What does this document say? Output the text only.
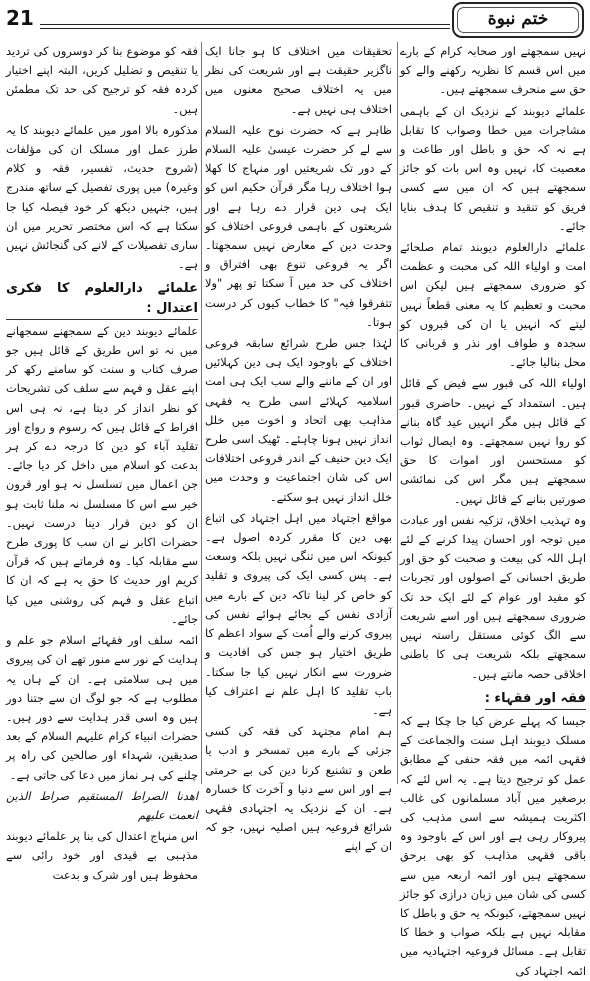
21	ختم نبوة

نہیں سمجھتے اور صحابہ کرام کے بارے میں اس قسم کا نظریہ رکھنے والے کو حق سے منحرف سمجھتے ہیں۔

علمائے دیوبند کے نزدیک ان کے باہمی مشاجرات میں خطا وصواب کا تقابل ہے نہ کہ حق و باطل اور طاعت و معصیت کا، نہیں وہ اس بات کو جائز سمجھتے ہیں کہ ان میں سے کسی فریق کو تنقید و تنقیص کا ہدف بنایا جائے۔

علمائے دارالعلوم دیوبند تمام صلحائے امت و اولیاء اللہ کی محبت و عظمت کو ضروری سمجھتے ہیں لیکن اس محبت و تعظیم کا یہ معنی قطعاً نہیں لیتے کہ انہیں یا ان کی قبروں کو سجدہ و طواف اور نذر و قربانی کا محل بنالیا جائے۔

اولیاء اللہ کی قبور سے فیض کے قائل ہیں۔ استمداد کے نہیں۔ حاضری قبور کے قائل ہیں مگر انہیں عید گاہ بنانے کو روا نہیں سمجھتے۔ وہ ایصال ثواب کو مستحسن اور اموات کا حق سمجھتے ہیں مگر اس کی نمائشی صورتیں بنانے کے قائل نہیں۔

وہ تہذیب اخلاق، تزکیہ نفس اور عبادت میں توجہ اور احسان پیدا کرنے کے لئے اہل اللہ کی بیعت و صحبت کو حق اور طریق احسانی کے اصولوں اور تجربات کو مفید اور عوام کے لئے ایک حد تک ضروری سمجھتے ہیں اور اسے شریعت سے الگ کوئی مستقل راستہ نہیں سمجھتے بلکہ شریعت ہی کا باطنی اخلاقی حصہ مانتے ہیں۔

فقہ اور فقہاء :

جیسا کہ پہلے عرض کیا جا چکا ہے کہ مسلک دیوبند اہل سنت والجماعت کے فقہی ائمہ میں فقہ حنفی کے مطابق عمل کو ترجیح دیتا ہے۔ یہ اس لئے کہ برصغیر میں آباد مسلمانوں کی غالب اکثریت ہمیشہ سے اسی مذہب کی پیروکار رہی ہے اور اس کے باوجود وہ باقی فقہی مذاہب کو بھی برحق سمجھتے ہیں اور ائمہ اربعہ میں سے کسی کی شان میں زبان درازی کو جائز نہیں سمجھتے، کیونکہ یہ حق و باطل کا مقابلہ نہیں ہے بلکہ صواب و خطا کا تقابل ہے۔ مسائل فروعیہ اجتہادیہ میں ائمہ اجتہاد کی

تحقیقات میں اختلاف کا ہو جانا ایک ناگزیر حقیقت ہے اور شریعت کی نظر میں یہ اختلاف صحیح معنوں میں اختلاف ہی نہیں ہے۔

ظاہر ہے کہ حضرت نوح علیہ السلام سے لے کر حضرت عیسیٰ علیہ السلام کے دور تک شریعتیں اور منہاج کا کھلا ہوا اختلاف رہا مگر قرآن حکیم اس کو ایک ہی دین قرار دے رہا ہے اور شریعتوں کے باہمی فروعی اختلاف کو وحدت دین کے معارض نہیں سمجھتا۔ اگر یہ فروعی تنوع بھی افتراق و اختلاف کی حد میں آ سکتا تو پھر "ولا تتفرقوا فیہ" کا خطاب کیوں کر درست ہوتا۔

لہٰذا جس طرح شرائع سابقہ فروعی اختلاف کے باوجود ایک ہی دین کہلائیں اور ان کے ماننے والے سب ایک ہی امت اسلامیہ کہلائے اسی طرح یہ فقہی مذاہب بھی اتحاد و اخوت میں خلل انداز نہیں ہونا چاہئے۔ ٹھیک اسی طرح ایک دین حنیف کے اندر فروعی اختلافات اس کی شان اجتماعیت و وحدت میں خلل انداز نہیں ہو سکتے۔

مواقع اجتہاد میں اہل اجتہاد کی اتباع بھی دین کا مقرر کردہ اصول ہے۔ کیونکہ اس میں تنگی نہیں بلکہ وسعت ہے۔ پس کسی ایک کی پیروی و تقلید کو خاص کر لینا تاکہ دین کے بارے میں آزادی نفس کے بجائے ہوائے نفس کی پیروی کرنے والے اُمت کے سواد اعظم کا طریق اختیار ہو جس کی افادیت و ضرورت سے انکار نہیں کیا جا سکتا۔ باب تقلید کا اہل علم نے اعتراف کیا ہے۔

ہم امام مجتہد کی فقہ کی کسی جزئی کے بارے میں تمسخر و ادب یا طعن و تشنیع کرنا دین کی بے حرمتی ہے اور اس سے دنیا و آخرت کا خسارہ ہے۔ ان کے نزدیک یہ اجتہادی فقہی شرائع فروعیہ ہیں اصلیہ نہیں، جو کہ ان کے اپنے

فقہ کو موضوع بنا کر دوسروں کی تردید یا تنقیص و تضلیل کریں، البتہ اپنے اختیار کردہ فقہ کو ترجیح کی حد تک مطمئن ہیں۔

مذکورہ بالا امور میں علمائے دیوبند کا یہ طرز عمل اور مسلک ان کی مؤلفات (شروح حدیث، تفسیر، فقہ و کلام وغیرہ) میں پوری تفصیل کے ساتھ مندرج ہیں، جنہیں دیکھ کر خود فیصلہ کیا جا سکتا ہے کہ اس مختصر تحریر میں ان ساری تفصیلات کے لانے کی گنجائش نہیں ہے۔

علمائے دارالعلوم کا فکری اعتدال :

علمائے دیوبند دین کے سمجھنے سمجھانے میں نہ تو اس طریق کے قائل ہیں جو صرف کتاب و سنت کو سامنے رکھ کر اپنے عقل و فہم سے سلف کی تشریحات کو نظر انداز کر دیتا ہے، نہ ہی اس افراط کے قائل ہیں کہ رسوم و رواج اور تقلید آباء کو دین کا درجہ دے کر ہر بدعت کو اسلام میں داخل کر دیا جائے۔ جن اعمال میں تسلسل نہ ہو اور قرون خیر سے اس کا مسلسل نہ ملنا ثابت ہو ان کو دین قرار دینا درست نہیں۔ حضرات اکابر نے ان سب کا پوری طرح سے مقابلہ کیا۔ وہ فرماتے ہیں کہ قرآن کریم اور حدیث کا حق یہ ہے کہ ان کا اتباع عقل و فہم کی روشنی میں کیا جائے۔

ائمہ سلف اور فقہائے اسلام جو علم و ہدایت کے نور سے منور تھے ان کی پیروی میں ہی سلامتی ہے۔ ان کے ہاں یہ مطلوب ہے کہ جو لوگ ان سے جتنا دور ہیں وہ اسی قدر ہدایت سے دور ہیں۔ حضرات انبیاء کرام علیہم السلام کے بعد صدیقین، شہداء اور صالحین کی راہ پر چلنے کی ہر نماز میں دعا کی جاتی ہے۔

اهدنا الصراط المستقيم صراط الذين انعمت عليهم

اس منہاج اعتدال کی بنا پر علمائے دیوبند مذہبی بے قیدی اور خود رائی سے محفوظ ہیں اور شرک و بدعت
